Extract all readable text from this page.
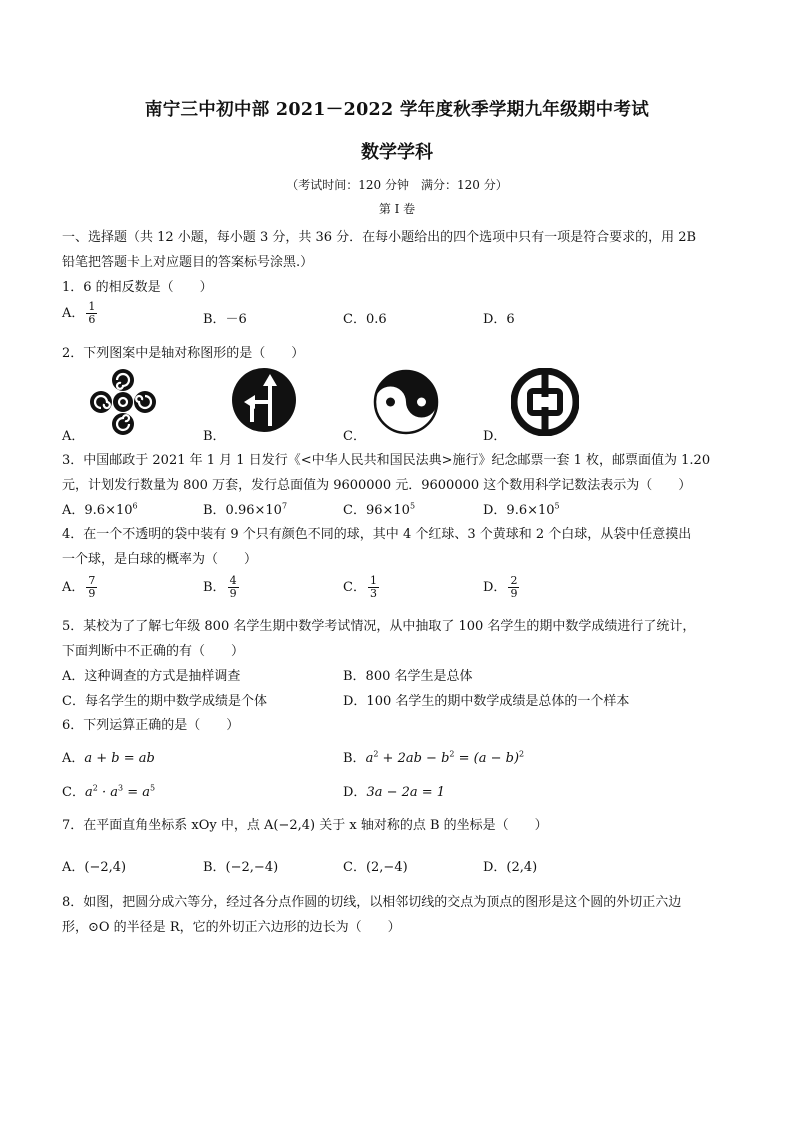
南宁三中初中部 2021－2022 学年度秋季学期九年级期中考试
数学学科
（考试时间：120 分钟　满分：120 分）
第 I 卷
一、选择题（共 12 小题，每小题 3 分，共 36 分．在每小题给出的四个选项中只有一项是符合要求的，用 2B
铅笔把答题卡上对应题目的答案标号涂黑.）
1．6 的相反数是（　　）
A． $\frac{1}{6}$	B．－6	C．0.6	D．6
2．下列图案中是轴对称图形的是（　　）
A．	B．	C．	D．
3．中国邮政于 2021 年 1 月 1 日发行《<中华人民共和国民法典>施行》纪念邮票一套 1 枚，邮票面值为 1.20
元，计划发行数量为 800 万套，发行总面值为 9600000 元．9600000 这个数用科学记数法表示为（　　）
A．$9.6\times 10^6$	B．$0.96\times 10^7$	C．$96\times 10^5$	D．$9.6\times 10^5$
4．在一个不透明的袋中装有 9 个只有颜色不同的球，其中 4 个红球、3 个黄球和 2 个白球，从袋中任意摸出
一个球，是白球的概率为（　　）
A． $\frac{7}{9}$	B． $\frac{4}{9}$	C． $\frac{1}{3}$	D． $\frac{2}{9}$
5．某校为了了解七年级 800 名学生期中数学考试情况，从中抽取了 100 名学生的期中数学成绩进行了统计，
下面判断中不正确的有（　　）
A．这种调查的方式是抽样调查	B．800 名学生是总体
C．每名学生的期中数学成绩是个体	D．100 名学生的期中数学成绩是总体的一个样本
6．下列运算正确的是（　　）
A．a + b = ab	B．$a^2 + 2ab - b^2 = (a - b)^2$
C．$a^2 \cdot a^3 = a^5$	D．3a − 2a = 1
7．在平面直角坐标系 xOy 中，点 A(−2,4) 关于 x 轴对称的点 B 的坐标是（　　）
A．(−2,4)	B．(−2,−4)	C．(2,−4)	D．(2,4)
8．如图，把圆分成六等分，经过各分点作圆的切线，以相邻切线的交点为顶点的图形是这个圆的外切正六边
形，⊙O 的半径是 R，它的外切正六边形的边长为（　　）
